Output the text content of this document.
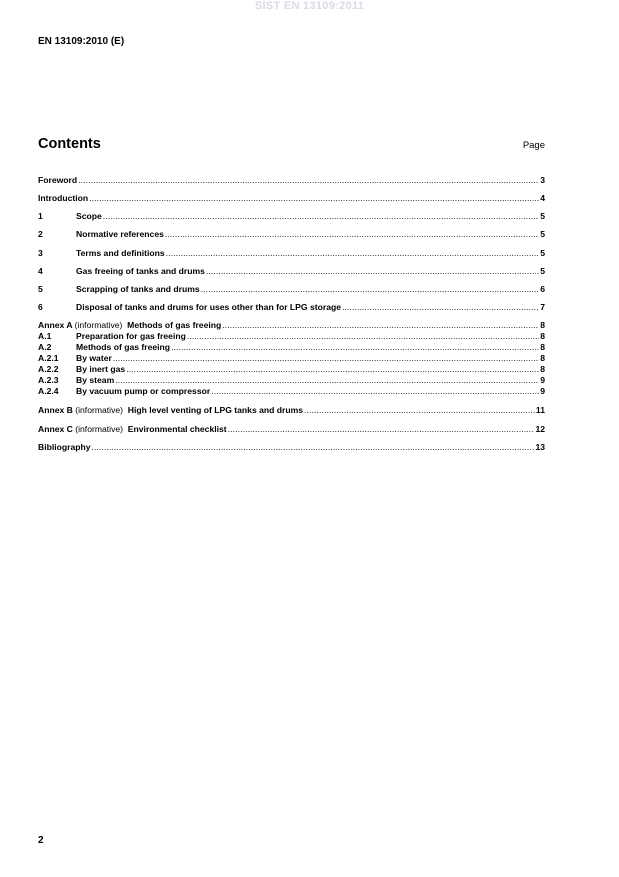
SIST EN 13109:2011
EN 13109:2010 (E)
Contents	Page
Foreword .....	3
Introduction .....	4
1	Scope .....	5
2	Normative references .....	5
3	Terms and definitions .....	5
4	Gas freeing of tanks and drums .....	5
5	Scrapping of tanks and drums .....	6
6	Disposal of tanks and drums for uses other than for LPG storage .....	7
Annex A (informative) Methods of gas freeing .....	8
A.1	Preparation for gas freeing .....	8
A.2	Methods of gas freeing .....	8
A.2.1	By water .....	8
A.2.2	By inert gas .....	8
A.2.3	By steam .....	9
A.2.4	By vacuum pump or compressor .....	9
Annex B (informative) High level venting of LPG tanks and drums .....	11
Annex C (informative) Environmental checklist .....	12
Bibliography .....	13
2
